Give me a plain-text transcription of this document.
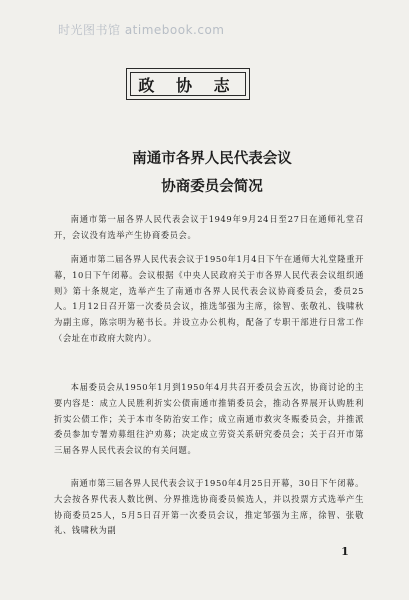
时光图书馆 atimebook.com
政 协 志
南通市各界人民代表会议
协商委员会简况

南通市第一届各界人民代表会议于1949年9月24日至27日在通师礼堂召开，会议没有选举产生协商委员会。

南通市第二届各界人民代表会议于1950年1月4日下午在通师大礼堂隆重开幕，10日下午闭幕。会议根据《中央人民政府关于市各界人民代表会议组织通则》第十条规定，选举产生了南通市各界人民代表会议协商委员会，委员25人。1月12日召开第一次委员会议，推选邹强为主席，徐智、张敬礼、钱啸秋为副主席，陈宗明为秘书长。并设立办公机构，配备了专职干部进行日常工作（会址在市政府大院内）。

本届委员会从1950年1月到1950年4月共召开委员会五次，协商讨论的主要内容是：成立人民胜利折实公债南通市推销委员会，推动各界展开认购胜利折实公债工作；关于本市冬防治安工作；成立南通市救灾冬赈委员会，并推派委员参加专署劝募组往沪劝募；决定成立劳资关系研究委员会；关于召开市第三届各界人民代表会议的有关问题。

南通市第三届各界人民代表会议于1950年4月25日开幕，30日下午闭幕。大会按各界代表人数比例、分界推选协商委员候选人，并以投票方式选举产生协商委员25人，5月5日召开第一次委员会议，推定邹强为主席，徐智、张敬礼、钱啸秋为副

1
